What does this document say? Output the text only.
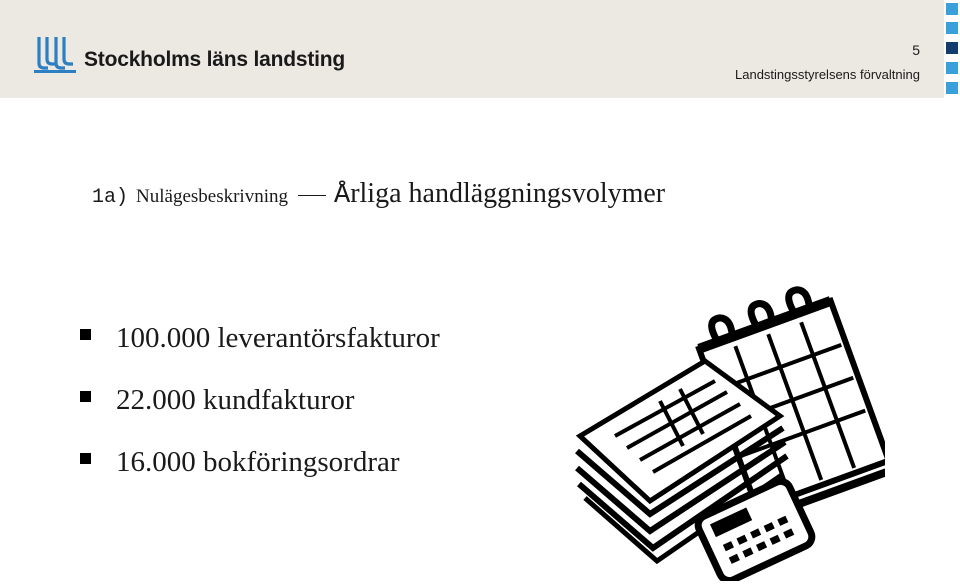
Stockholms läns landsting	5
Landstingsstyrelsens förvaltning
1a) Nulägesbeskrivning Årliga handläggningsvolymer
100.000 leverantörsfakturor
22.000 kundfakturor
16.000 bokföringsordrar
